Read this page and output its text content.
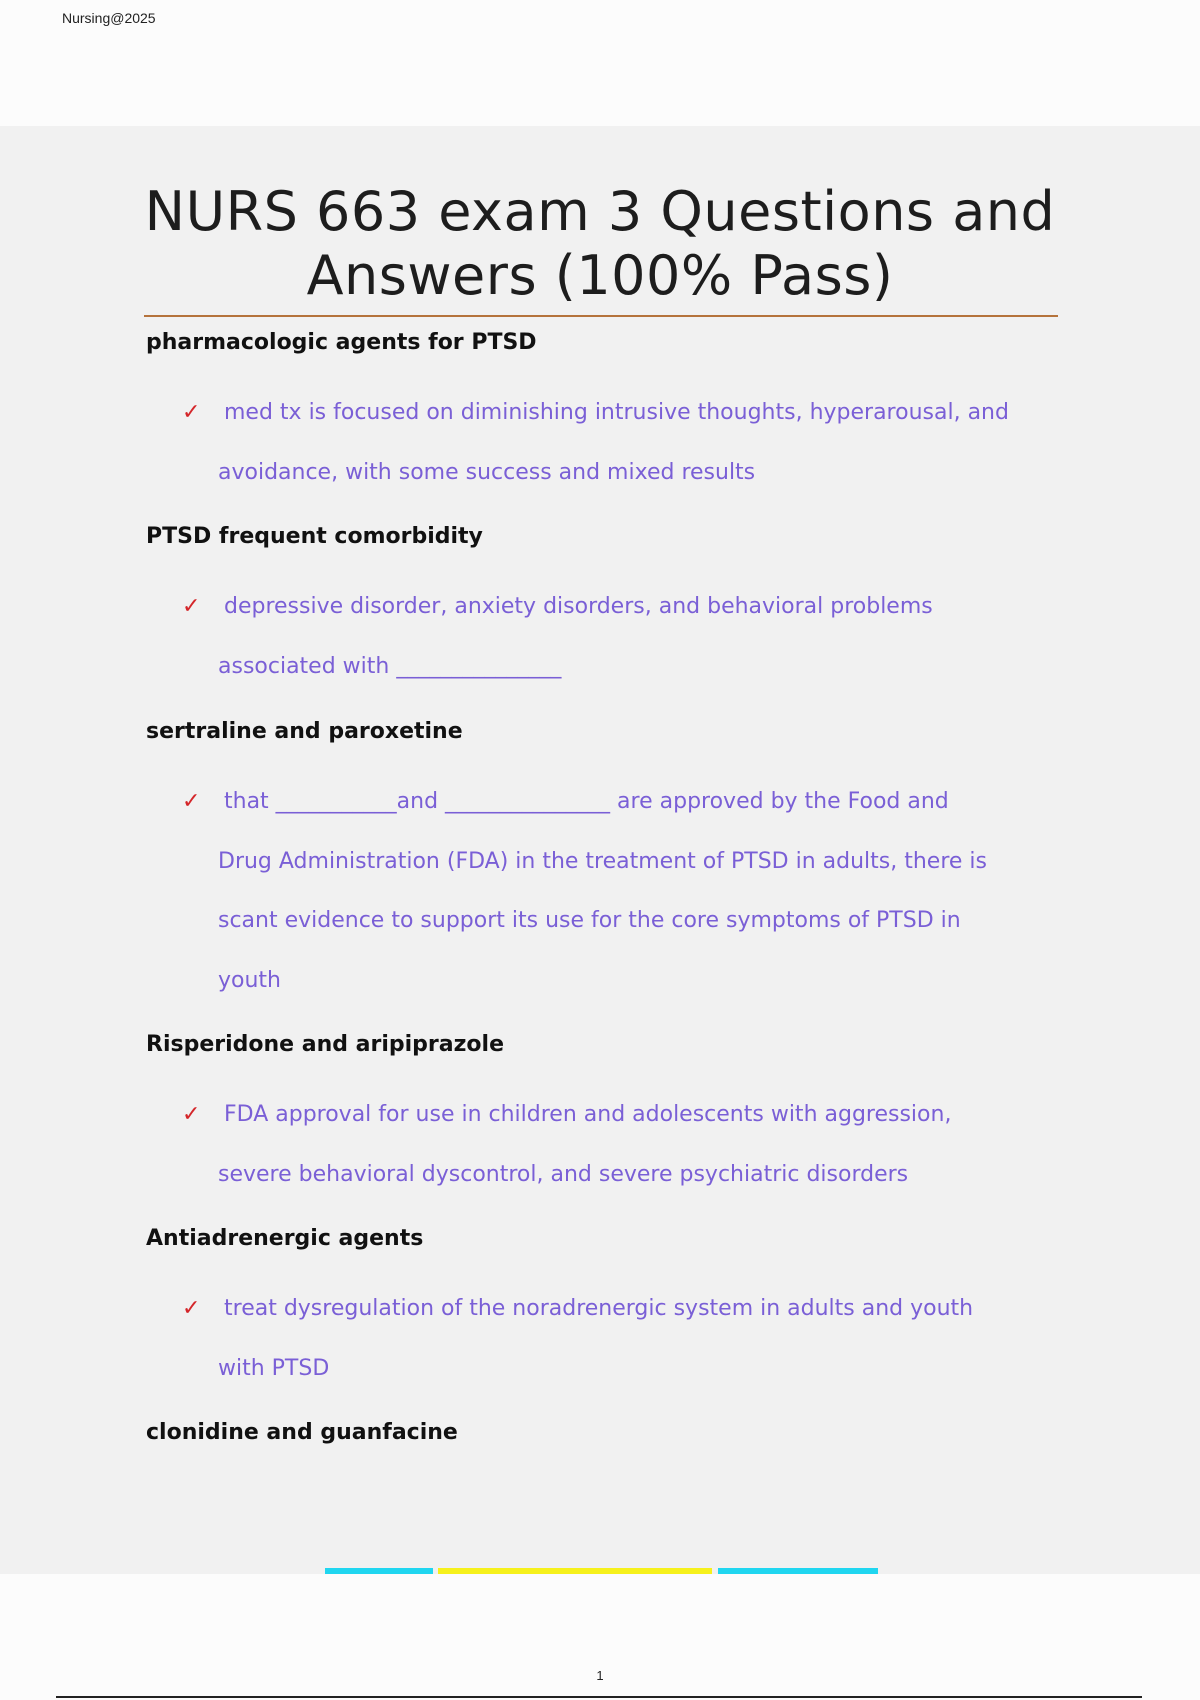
Nursing@2025
NURS 663 exam 3 Questions and
Answers (100% Pass)
pharmacologic agents for PTSD
✓ med tx is focused on diminishing intrusive thoughts, hyperarousal, and
avoidance, with some success and mixed results
PTSD frequent comorbidity
✓ depressive disorder, anxiety disorders, and behavioral problems
associated with _______________
sertraline and paroxetine
✓ that ___________and _______________ are approved by the Food and
Drug Administration (FDA) in the treatment of PTSD in adults, there is
scant evidence to support its use for the core symptoms of PTSD in
youth
Risperidone and aripiprazole
✓ FDA approval for use in children and adolescents with aggression,
severe behavioral dyscontrol, and severe psychiatric disorders
Antiadrenergic agents
✓ treat dysregulation of the noradrenergic system in adults and youth
with PTSD
clonidine and guanfacine
1
